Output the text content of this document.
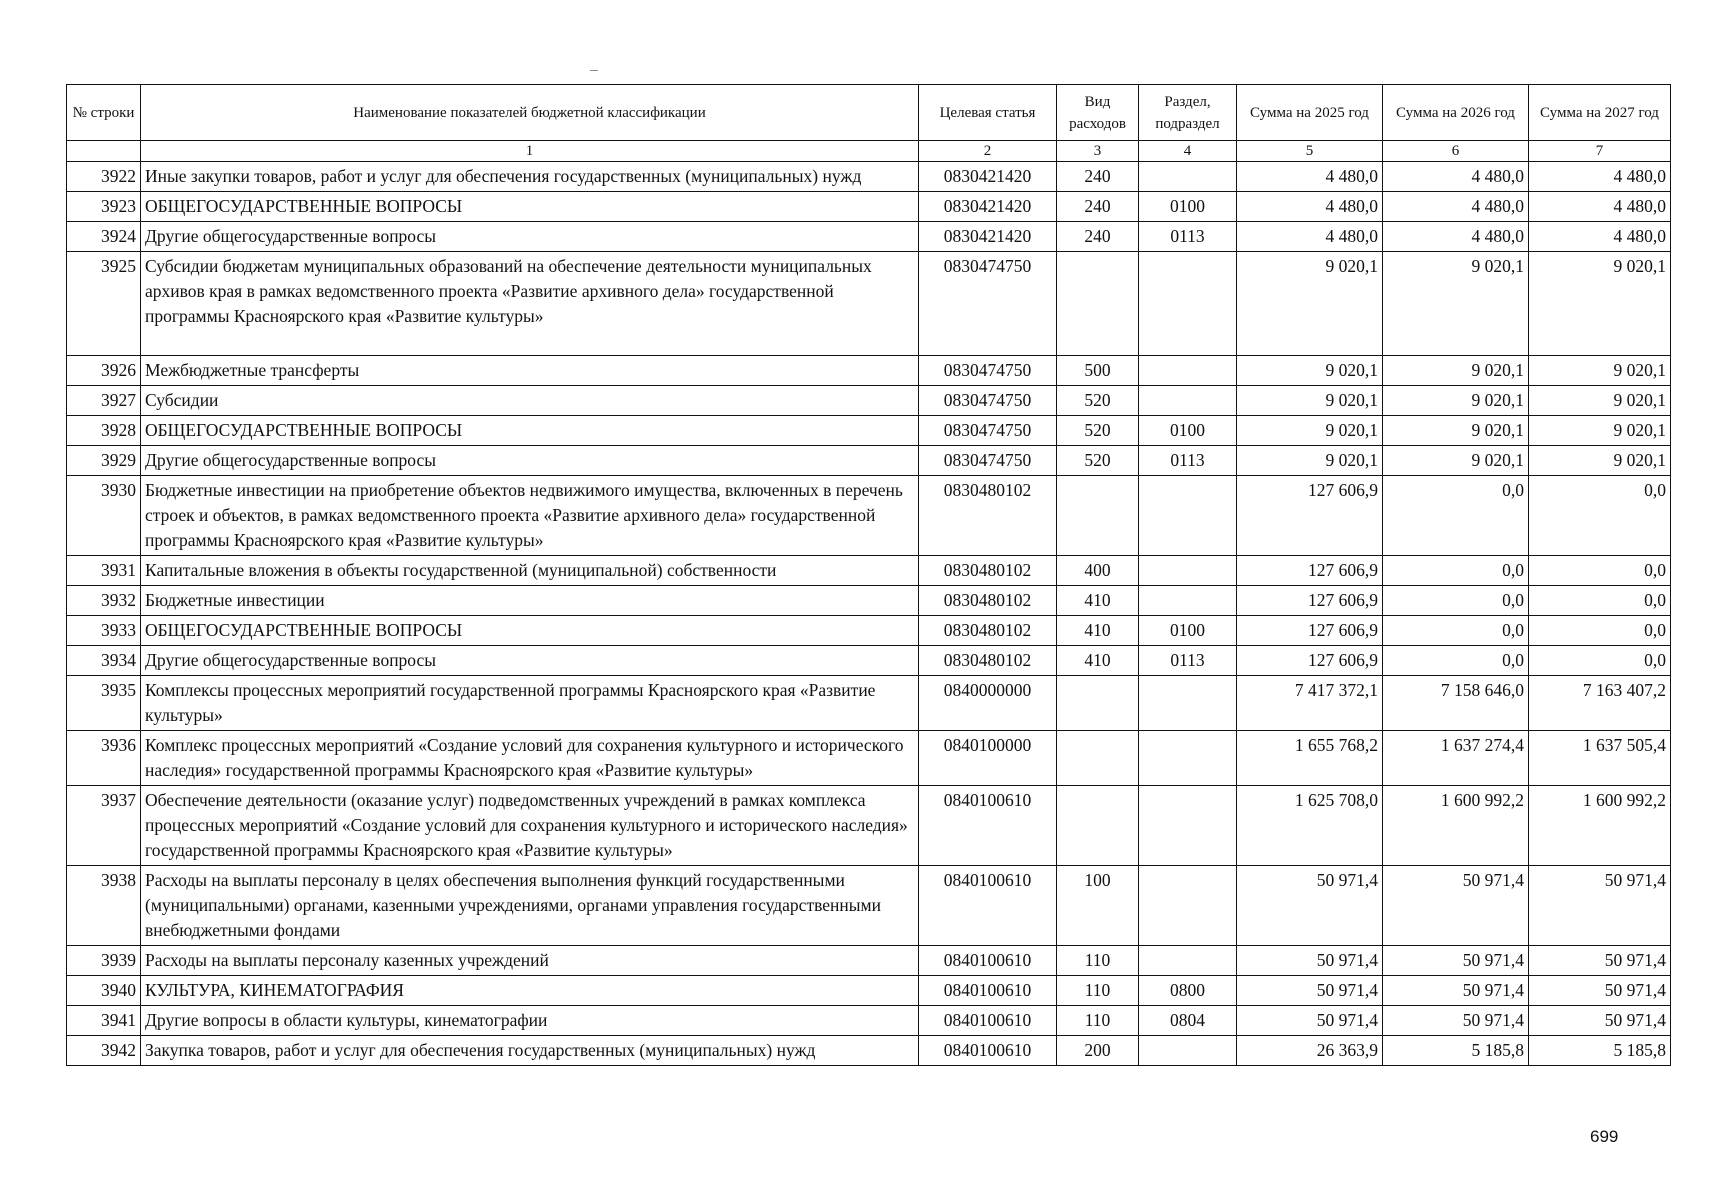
№ строки	Наименование показателей бюджетной классификации	Целевая статья	Вид расходов	Раздел, подраздел	Сумма на 2025 год	Сумма на 2026 год	Сумма на 2027 год
	1	2	3	4	5	6	7
3922	Иные закупки товаров, работ и услуг для обеспечения государственных (муниципальных) нужд	0830421420	240		4 480,0	4 480,0	4 480,0
3923	ОБЩЕГОСУДАРСТВЕННЫЕ ВОПРОСЫ	0830421420	240	0100	4 480,0	4 480,0	4 480,0
3924	Другие общегосударственные вопросы	0830421420	240	0113	4 480,0	4 480,0	4 480,0
3925	Субсидии бюджетам муниципальных образований на обеспечение деятельности муниципальных архивов края в рамках ведомственного проекта «Развитие архивного дела» государственной программы Красноярского края «Развитие культуры»	0830474750			9 020,1	9 020,1	9 020,1
3926	Межбюджетные трансферты	0830474750	500		9 020,1	9 020,1	9 020,1
3927	Субсидии	0830474750	520		9 020,1	9 020,1	9 020,1
3928	ОБЩЕГОСУДАРСТВЕННЫЕ ВОПРОСЫ	0830474750	520	0100	9 020,1	9 020,1	9 020,1
3929	Другие общегосударственные вопросы	0830474750	520	0113	9 020,1	9 020,1	9 020,1
3930	Бюджетные инвестиции на приобретение объектов недвижимого имущества, включенных в перечень строек и объектов, в рамках ведомственного проекта «Развитие архивного дела» государственной программы Красноярского края «Развитие культуры»	0830480102			127 606,9	0,0	0,0
3931	Капитальные вложения в объекты государственной (муниципальной) собственности	0830480102	400		127 606,9	0,0	0,0
3932	Бюджетные инвестиции	0830480102	410		127 606,9	0,0	0,0
3933	ОБЩЕГОСУДАРСТВЕННЫЕ ВОПРОСЫ	0830480102	410	0100	127 606,9	0,0	0,0
3934	Другие общегосударственные вопросы	0830480102	410	0113	127 606,9	0,0	0,0
3935	Комплексы процессных мероприятий государственной программы Красноярского края «Развитие культуры»	0840000000			7 417 372,1	7 158 646,0	7 163 407,2
3936	Комплекс процессных мероприятий «Создание условий для сохранения культурного и исторического наследия» государственной программы Красноярского края «Развитие культуры»	0840100000			1 655 768,2	1 637 274,4	1 637 505,4
3937	Обеспечение деятельности (оказание услуг) подведомственных учреждений в рамках комплекса процессных мероприятий «Создание условий для сохранения культурного и исторического наследия» государственной программы Красноярского края «Развитие культуры»	0840100610			1 625 708,0	1 600 992,2	1 600 992,2
3938	Расходы на выплаты персоналу в целях обеспечения выполнения функций государственными (муниципальными) органами, казенными учреждениями, органами управления государственными внебюджетными фондами	0840100610	100		50 971,4	50 971,4	50 971,4
3939	Расходы на выплаты персоналу казенных учреждений	0840100610	110		50 971,4	50 971,4	50 971,4
3940	КУЛЬТУРА, КИНЕМАТОГРАФИЯ	0840100610	110	0800	50 971,4	50 971,4	50 971,4
3941	Другие вопросы в области культуры, кинематографии	0840100610	110	0804	50 971,4	50 971,4	50 971,4
3942	Закупка товаров, работ и услуг для обеспечения государственных (муниципальных) нужд	0840100610	200		26 363,9	5 185,8	5 185,8
699
